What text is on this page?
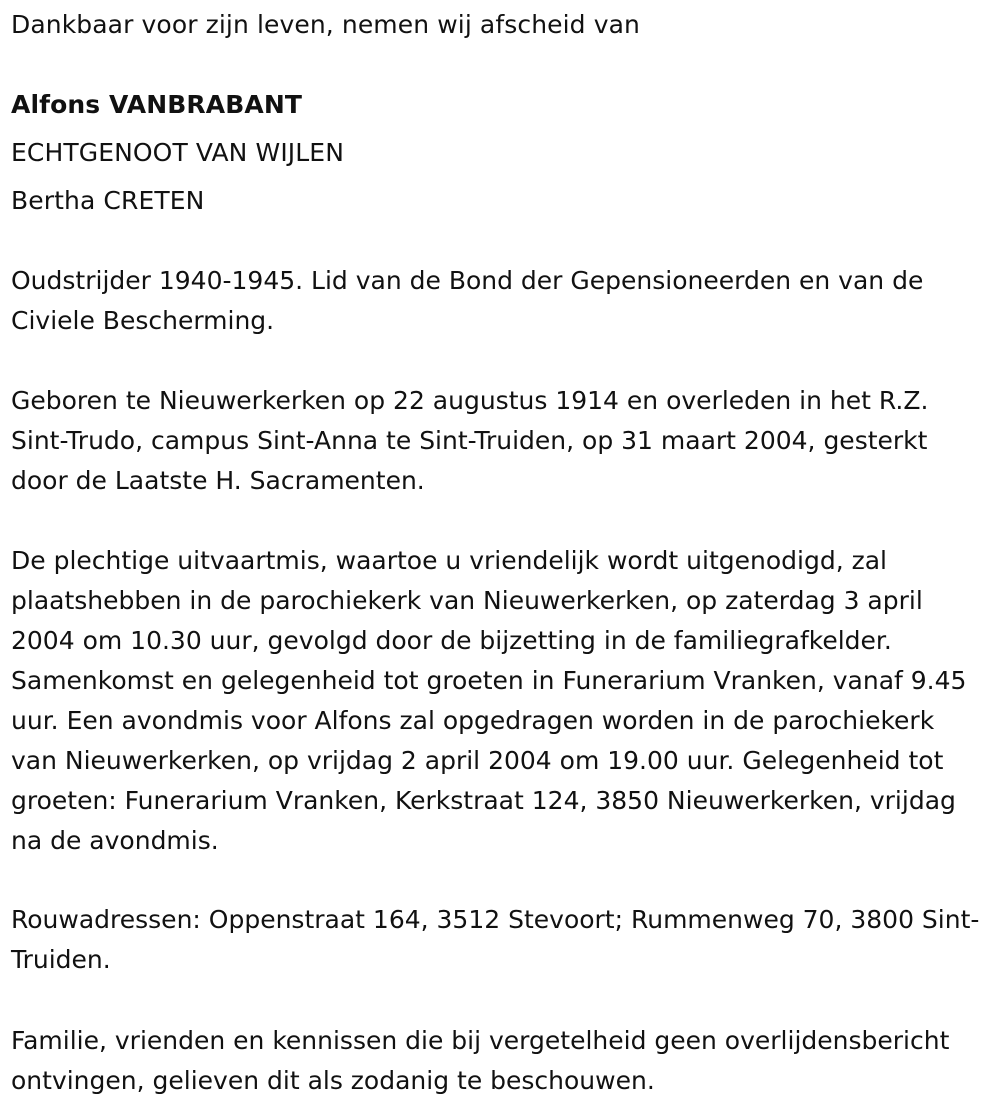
Dankbaar voor zijn leven, nemen wij afscheid van
Alfons VANBRABANT
ECHTGENOOT VAN WIJLEN
Bertha CRETEN

Oudstrijder 1940-1945. Lid van de Bond der Gepensioneerden en van de Civiele Bescherming.

Geboren te Nieuwerkerken op 22 augustus 1914 en overleden in het R.Z. Sint-Trudo, campus Sint-Anna te Sint-Truiden, op 31 maart 2004, gesterkt door de Laatste H. Sacramenten.

De plechtige uitvaartmis, waartoe u vriendelijk wordt uitgenodigd, zal plaatshebben in de parochiekerk van Nieuwerkerken, op zaterdag 3 april 2004 om 10.30 uur, gevolgd door de bijzetting in de familiegrafkelder. Samenkomst en gelegenheid tot groeten in Funerarium Vranken, vanaf 9.45 uur. Een avondmis voor Alfons zal opgedragen worden in de parochiekerk van Nieuwerkerken, op vrijdag 2 april 2004 om 19.00 uur. Gelegenheid tot groeten: Funerarium Vranken, Kerkstraat 124, 3850 Nieuwerkerken, vrijdag na de avondmis.

Rouwadressen: Oppenstraat 164, 3512 Stevoort; Rummenweg 70, 3800 Sint-Truiden.

Familie, vrienden en kennissen die bij vergetelheid geen overlijdensbericht ontvingen, gelieven dit als zodanig te beschouwen.
